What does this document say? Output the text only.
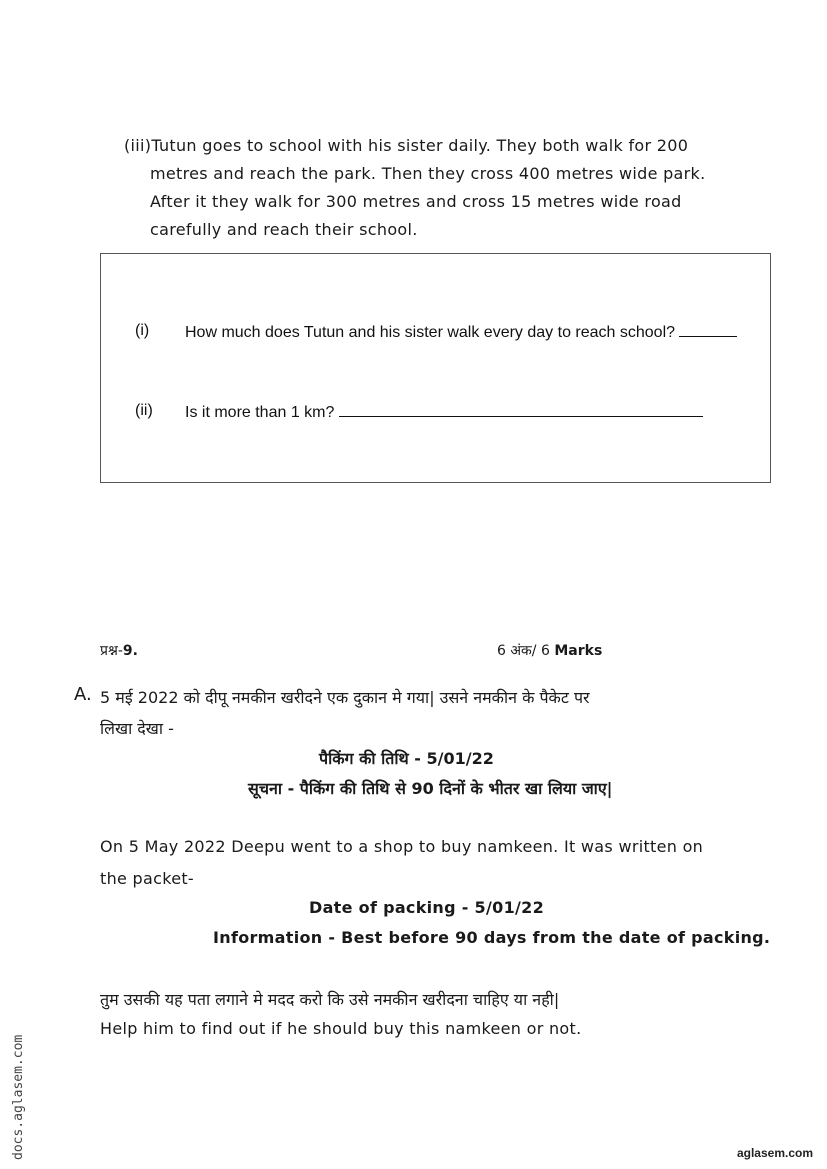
(iii)Tutun goes to school with his sister daily. They both walk for 200
metres and reach the park. Then they cross 400 metres wide park.
After it they walk for 300 metres and cross 15 metres wide road
carefully and reach their school.
(i) How much does Tutun and his sister walk every day to reach school?
(ii) Is it more than 1 km?
प्रश्न-9.	6 अंक/ 6 Marks
A. 5 मई 2022 को दीपू नमकीन खरीदने एक दुकान मे गया| उसने नमकीन के पैकेट पर
लिखा देखा -
पैकिंग की तिथि - 5/01/22
सूचना - पैकिंग की तिथि से 90 दिनों के भीतर खा लिया जाए|
On 5 May 2022 Deepu went to a shop to buy namkeen. It was written on
the packet-
Date of packing - 5/01/22
Information - Best before 90 days from the date of packing.
तुम उसकी यह पता लगाने मे मदद करो कि उसे नमकीन खरीदना चाहिए या नही|
Help him to find out if he should buy this namkeen or not.
docs.aglasem.com	aglasem.com
